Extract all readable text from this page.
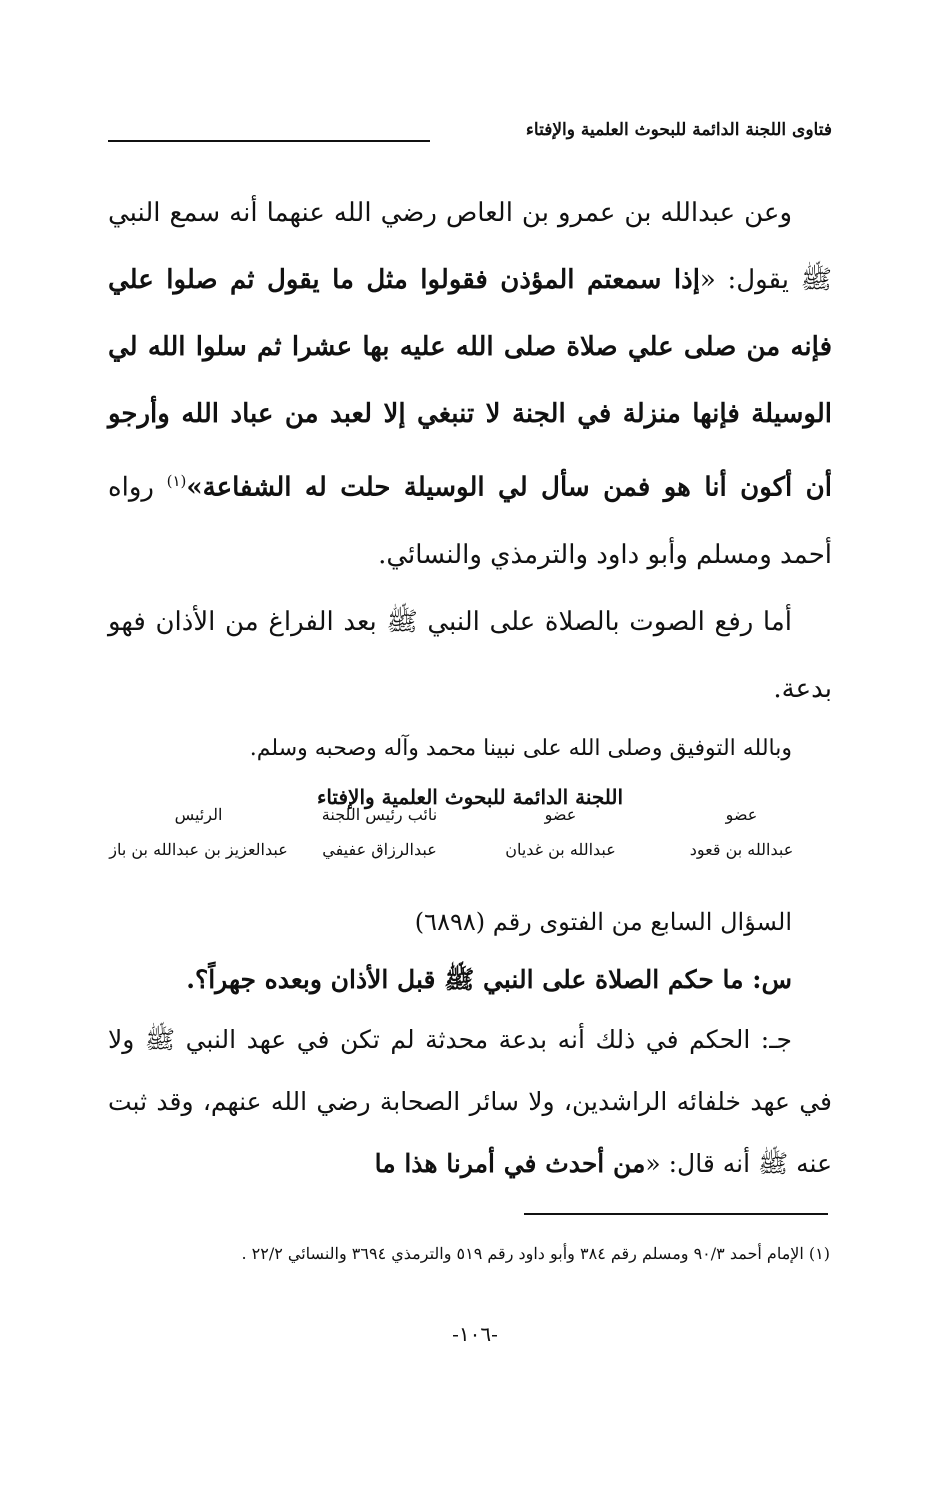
فتاوى اللجنة الدائمة للبحوث العلمية والإفتاء

وعن عبدالله بن عمرو بن العاص رضي الله عنهما أنه سمع النبي ﷺ يقول: «إذا سمعتم المؤذن فقولوا مثل ما يقول ثم صلوا علي فإنه من صلى علي صلاة صلى الله عليه بها عشرا ثم سلوا الله لي الوسيلة فإنها منزلة في الجنة لا تنبغي إلا لعبد من عباد الله وأرجو أن أكون أنا هو فمن سأل لي الوسيلة حلت له الشفاعة»$^{(١)}$ رواه أحمد ومسلم وأبو داود والترمذي والنسائي.

أما رفع الصوت بالصلاة على النبي ﷺ بعد الفراغ من الأذان فهو بدعة.

وبالله التوفيق وصلى الله على نبينا محمد وآله وصحبه وسلم.

اللجنة الدائمة للبحوث العلمية والإفتاء

عضو
عبدالله بن قعود
عضو
عبدالله بن غديان
نائب رئيس اللجنة
عبدالرزاق عفيفي
الرئيس
عبدالعزيز بن عبدالله بن باز

السؤال السابع من الفتوى رقم (٦٨٩٨)

س: ما حكم الصلاة على النبي ﷺ قبل الأذان وبعده جهراً؟.

جـ: الحكم في ذلك أنه بدعة محدثة لم تكن في عهد النبي ﷺ ولا في عهد خلفائه الراشدين، ولا سائر الصحابة رضي الله عنهم، وقد ثبت عنه ﷺ أنه قال: «من أحدث في أمرنا هذا ما

(١) الإمام أحمد ٩٠/٣ ومسلم رقم ٣٨٤ وأبو داود رقم ٥١٩ والترمذي ٣٦٩٤ والنسائي ٢٢/٢ .

-١٠٦-
